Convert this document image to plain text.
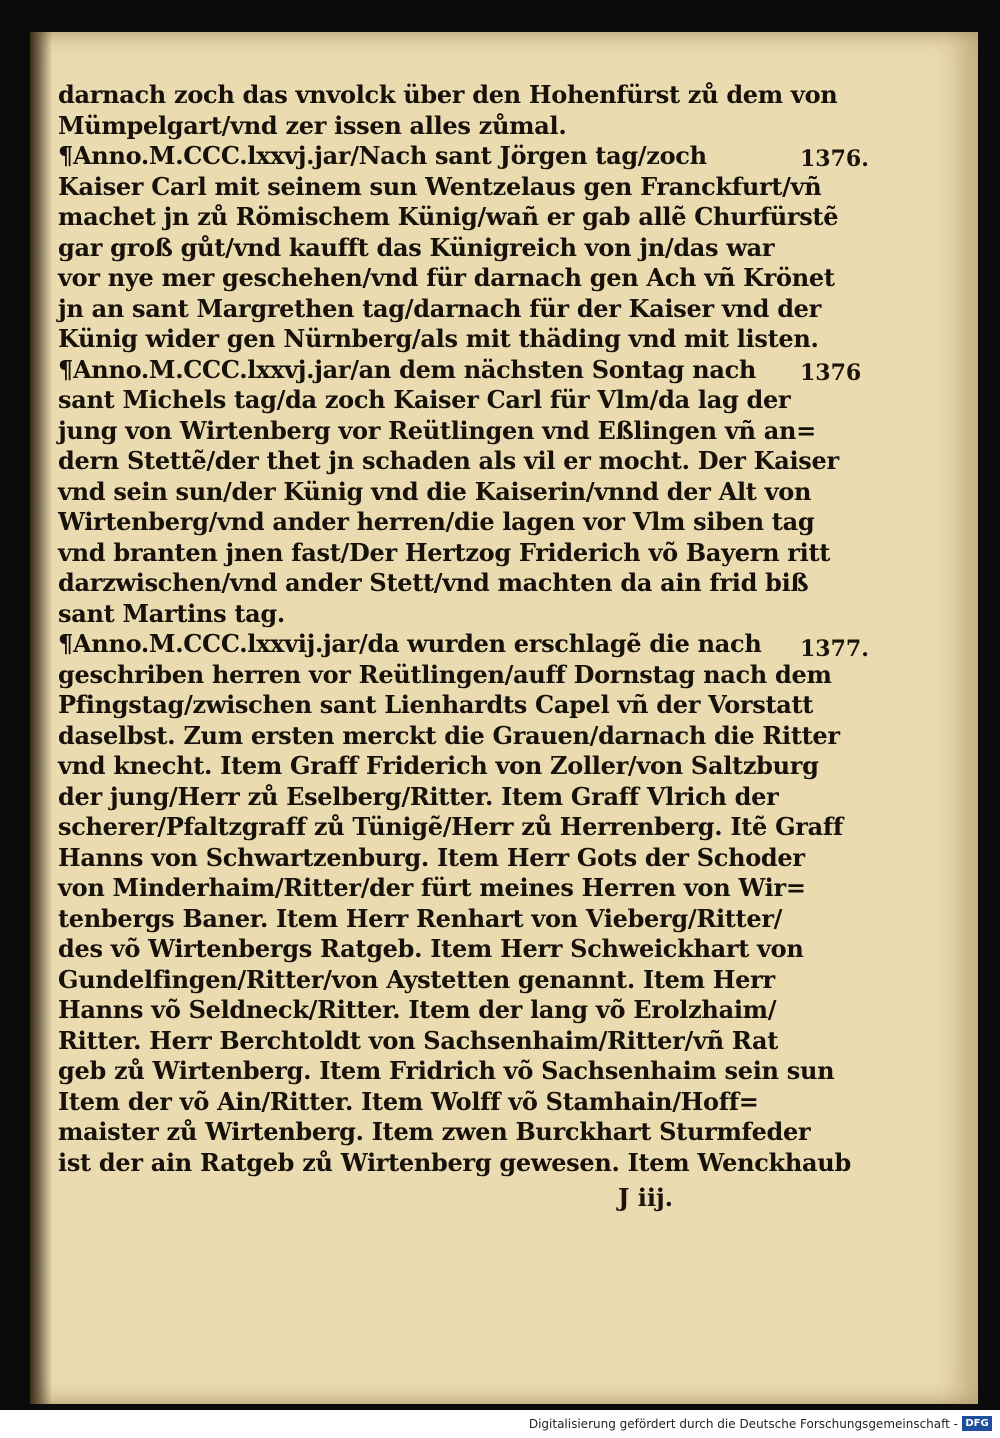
darnach zoch das vnvolck über den Hohenfürst zů dem von
Mümpelgart/vnd zer issen alles zůmal.
¶Anno.M.CCC.lxxvj.jar/Nach sant Jörgen tag/zoch
Kaiser Carl mit seinem sun Wentzelaus gen Franckfurt/vñ
machet jn zů Römischem Künig/wañ er gab allẽ Churfürstẽ
gar groß gůt/vnd kaufft das Künigreich von jn/das war
vor nye mer geschehen/vnd für darnach gen Ach vñ Krönet
jn an sant Margrethen tag/darnach für der Kaiser vnd der
Künig wider gen Nürnberg/als mit thäding vnd mit listen.
¶Anno.M.CCC.lxxvj.jar/an dem nächsten Sontag nach
sant Michels tag/da zoch Kaiser Carl für Vlm/da lag der
jung von Wirtenberg vor Reütlingen vnd Eßlingen vñ an=
dern Stettẽ/der thet jn schaden als vil er mocht. Der Kaiser
vnd sein sun/der Künig vnd die Kaiserin/vnnd der Alt von
Wirtenberg/vnd ander herren/die lagen vor Vlm siben tag
vnd branten jnen fast/Der Hertzog Friderich võ Bayern ritt
darzwischen/vnd ander Stett/vnd machten da ain frid biß
sant Martins tag.
¶Anno.M.CCC.lxxvij.jar/da wurden erschlagẽ die nach
geschriben herren vor Reütlingen/auff Dornstag nach dem
Pfingstag/zwischen sant Lienhardts Capel vñ der Vorstatt
daselbst. Zum ersten merckt die Grauen/darnach die Ritter
vnd knecht. Item Graff Friderich von Zoller/von Saltzburg
der jung/Herr zů Eselberg/Ritter. Item Graff Vlrich der
scherer/Pfaltzgraff zů Tünigẽ/Herr zů Herrenberg. Itẽ Graff
Hanns von Schwartzenburg. Item Herr Gots der Schoder
von Minderhaim/Ritter/der fürt meines Herren von Wir=
tenbergs Baner. Item Herr Renhart von Vieberg/Ritter/
des võ Wirtenbergs Ratgeb. Item Herr Schweickhart von
Gundelfingen/Ritter/von Aystetten genannt. Item Herr
Hanns võ Seldneck/Ritter. Item der lang võ Erolzhaim/
Ritter. Herr Berchtoldt von Sachsenhaim/Ritter/vñ Rat
geb zů Wirtenberg. Item Fridrich võ Sachsenhaim sein sun
Item der võ Ain/Ritter. Item Wolff võ Stamhain/Hoff=
maister zů Wirtenberg. Item zwen Burckhart Sturmfeder
ist der ain Ratgeb zů Wirtenberg gewesen. Item Wenckhaub
1376.
1376
1377.
J iij.
Digitalisierung gefördert durch die Deutsche Forschungsgemeinschaft - DFG
